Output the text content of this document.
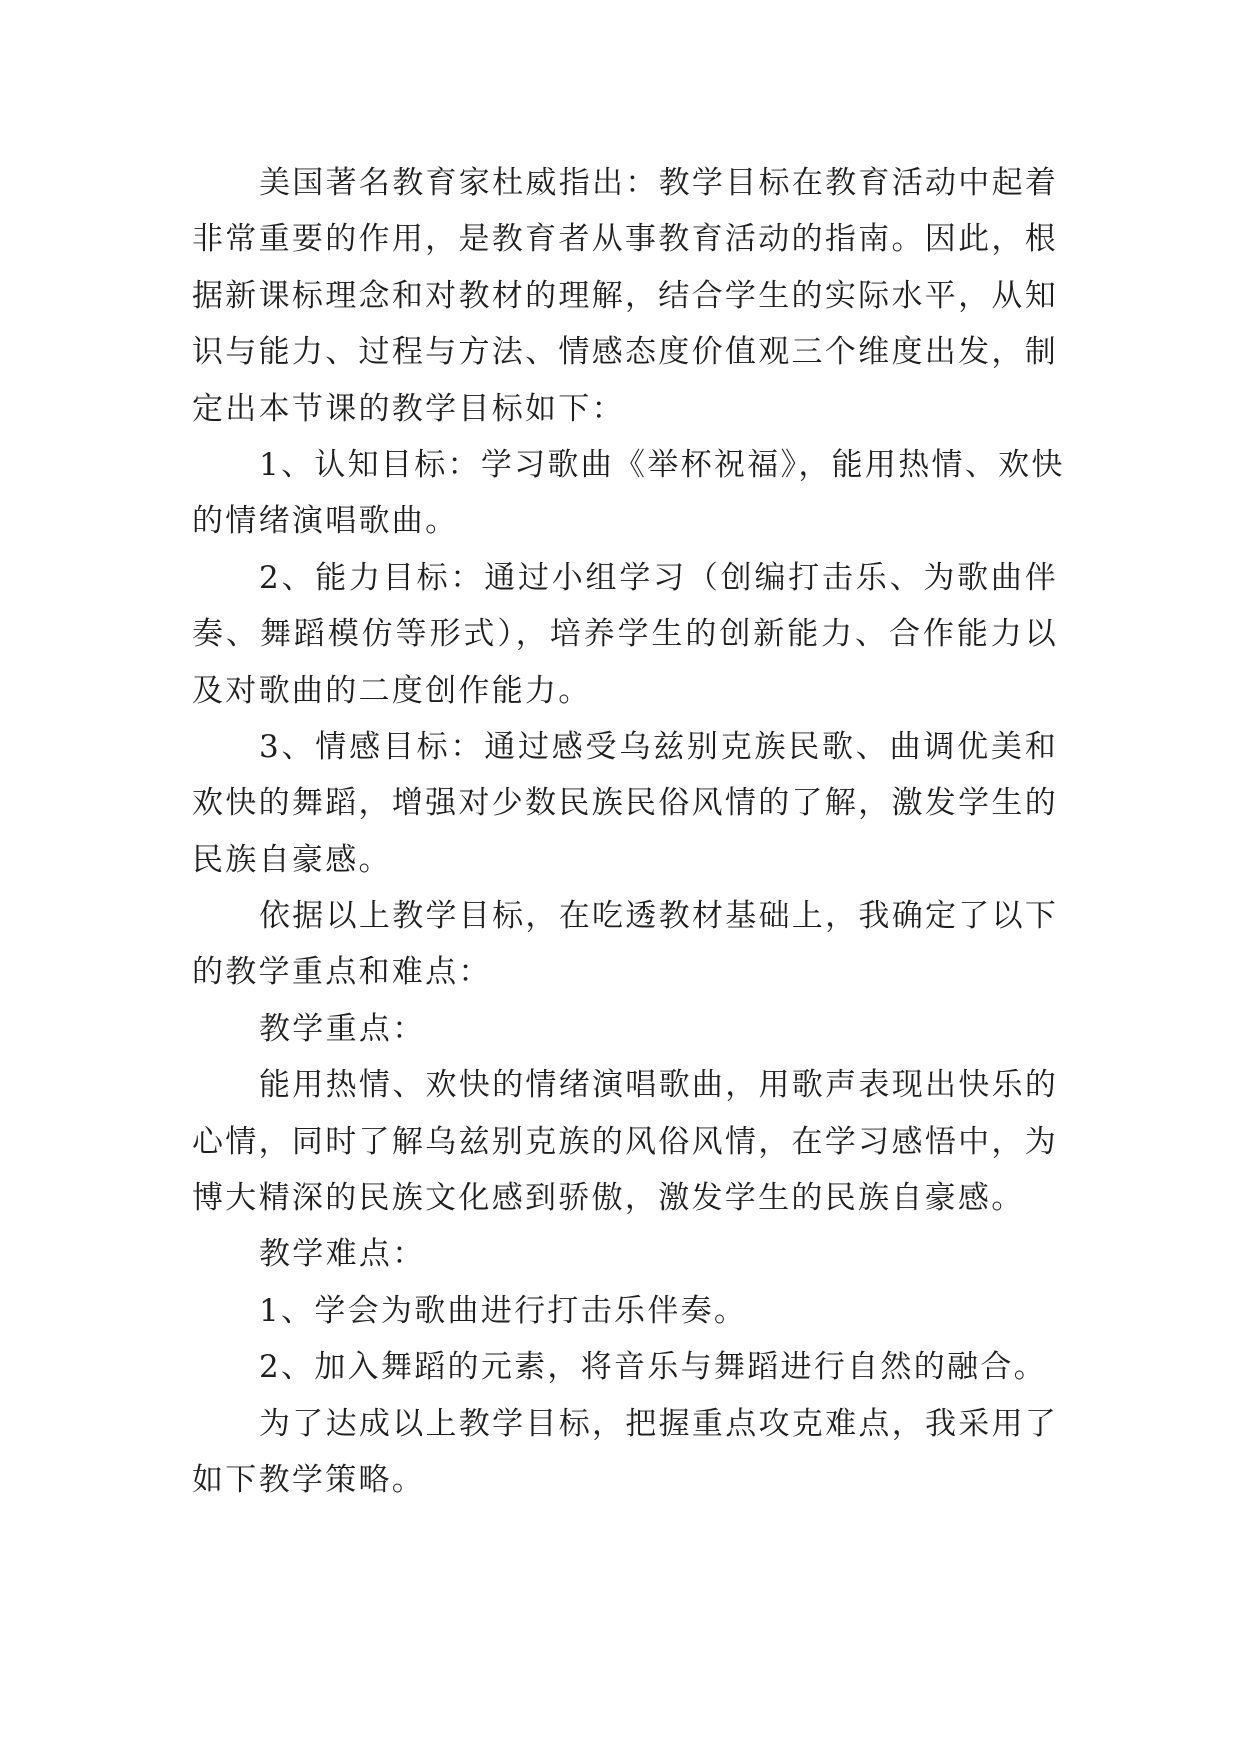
美国著名教育家杜威指出：教学目标在教育活动中起着
非常重要的作用，是教育者从事教育活动的指南。因此，根
据新课标理念和对教材的理解，结合学生的实际水平，从知
识与能力、过程与方法、情感态度价值观三个维度出发，制
定出本节课的教学目标如下：
1、认知目标：学习歌曲《举杯祝福》，能用热情、欢快
的情绪演唱歌曲。
2、能力目标：通过小组学习（创编打击乐、为歌曲伴
奏、舞蹈模仿等形式），培养学生的创新能力、合作能力以
及对歌曲的二度创作能力。
3、情感目标：通过感受乌兹别克族民歌、曲调优美和
欢快的舞蹈，增强对少数民族民俗风情的了解，激发学生的
民族自豪感。
依据以上教学目标，在吃透教材基础上，我确定了以下
的教学重点和难点：
教学重点：
能用热情、欢快的情绪演唱歌曲，用歌声表现出快乐的
心情，同时了解乌兹别克族的风俗风情，在学习感悟中，为
博大精深的民族文化感到骄傲，激发学生的民族自豪感。
教学难点：
1、学会为歌曲进行打击乐伴奏。
2、加入舞蹈的元素，将音乐与舞蹈进行自然的融合。
为了达成以上教学目标，把握重点攻克难点，我采用了
如下教学策略。
